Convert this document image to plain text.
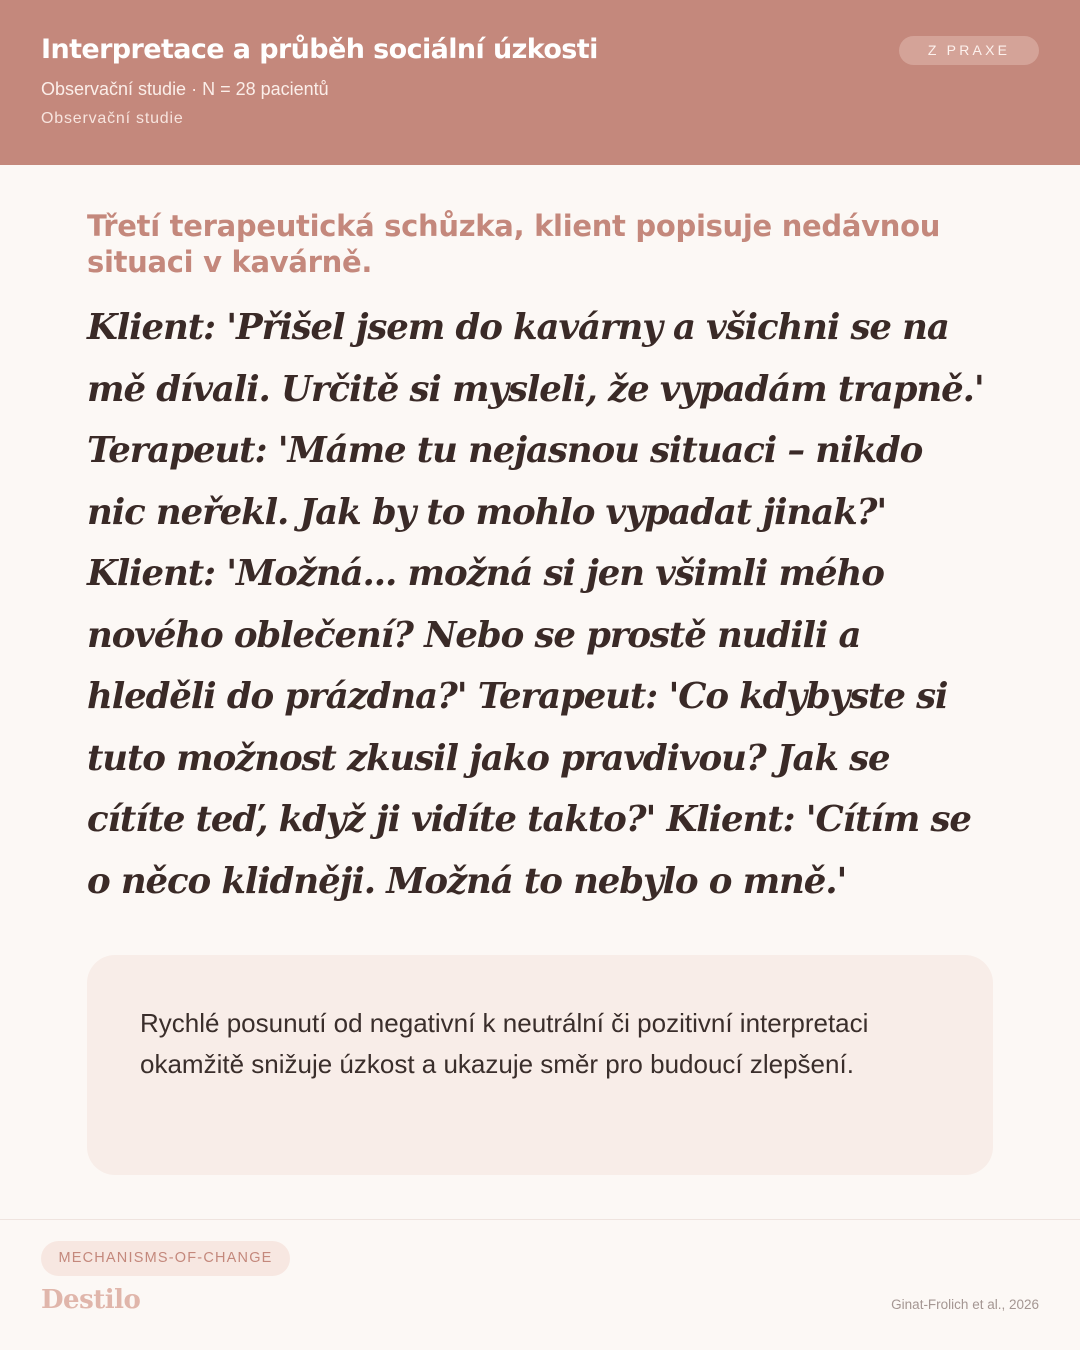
Interpretace a průběh sociální úzkosti
Observační studie · N = 28 pacientů
Observační studie
Z PRAXE
Třetí terapeutická schůzka, klient popisuje nedávnou situaci v kavárně.
Klient: 'Přišel jsem do kavárny a všichni se na mě dívali. Určitě si mysleli, že vypadám trapně.' Terapeut: 'Máme tu nejasnou situaci – nikdo nic neřekl. Jak by to mohlo vypadat jinak?' Klient: 'Možná... možná si jen všimli mého nového oblečení? Nebo se prostě nudili a hleděli do prázdna?' Terapeut: 'Co kdybyste si tuto možnost zkusil jako pravdivou? Jak se cítíte teď, když ji vidíte takto?' Klient: 'Cítím se o něco klidněji. Možná to nebylo o mně.'
Rychlé posunutí od negativní k neutrální či pozitivní interpretaci okamžitě snižuje úzkost a ukazuje směr pro budoucí zlepšení.
MECHANISMS-OF-CHANGE
Destilo	Ginat-Frolich et al., 2026
